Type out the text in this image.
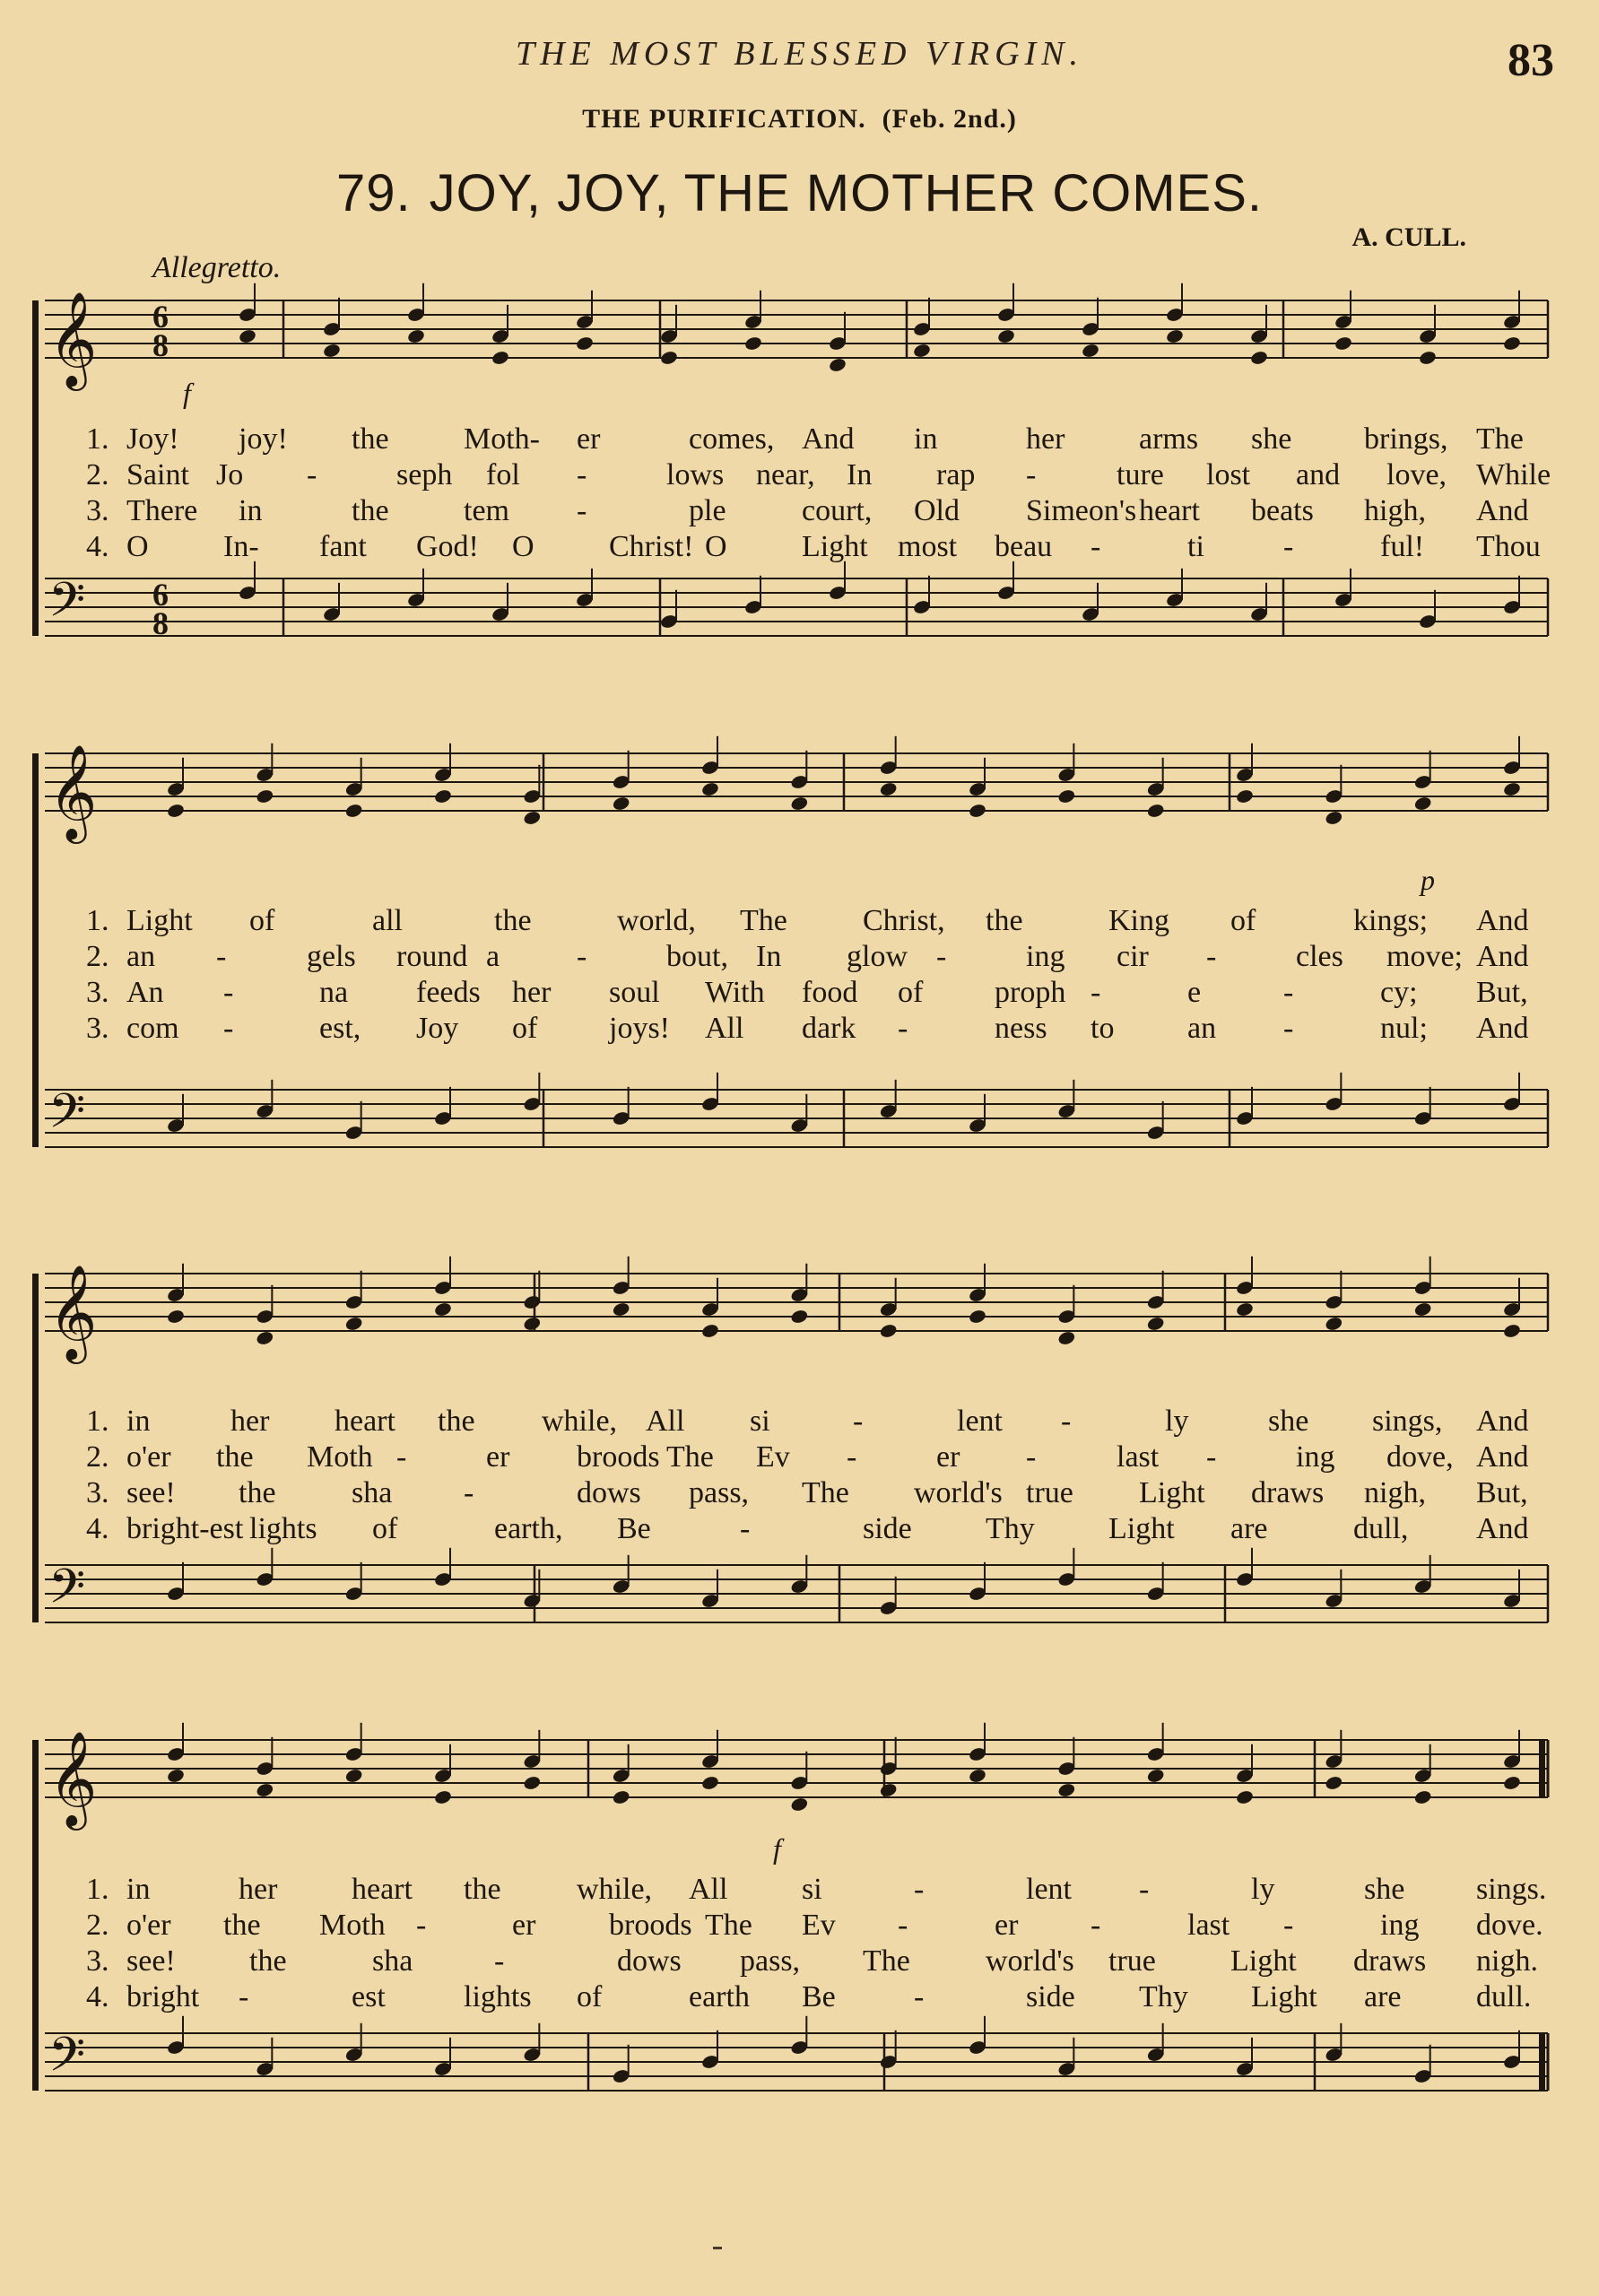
THE MOST BLESSED VIRGIN.	83
THE PURIFICATION. (Feb. 2nd.)
79. JOY, JOY, THE MOTHER COMES.
A. CULL.
Allegretto.
𝄞 6
8
𝄢 6
8
1. Joy! joy! the Moth- er	comes, And in	her arms she brings, The
2. Saint Jo -	seph fol -	lows near, In rap -	ture lost and love, While
3. There in	the tem -	ple court, Old Simeon's heart beats high, And
4. O In- fant God! O Christ! O Light most beau -	ti	-	ful! Thou
f
𝄞
𝄢
1. Light of	all	the	world, The Christ, the	King of	kings; And
2. an -	gels round a	-	bout, In glow -	ing cir -	cles move; And
3. An -	na feeds her soul With food of proph -	e	-	cy; But,
3. com -	est, Joy of joys! All dark -	ness to an -	nul; And
p
𝄞
𝄢
1. in	her heart the while, All si	-	lent -	ly	she sings, And
2. o'er the Moth -	er broods The Ev -	er -	last -	ing dove, And
3. see! the sha -	dows pass, The world's true Light draws nigh, But,
4. bright-est lights of	earth, Be	-	side Thy Light are	dull, And
𝄞
𝄢
1. in	her heart the while, All si	-	lent -	ly	she sings.
2. o'er the Moth -	er broods The Ev -	er -	last -	ing dove.
3. see! the	sha	-	dows pass, The world's true Light draws nigh.
4. bright -	est	lights of	earth Be	-	side Thy Light are dull.
f
